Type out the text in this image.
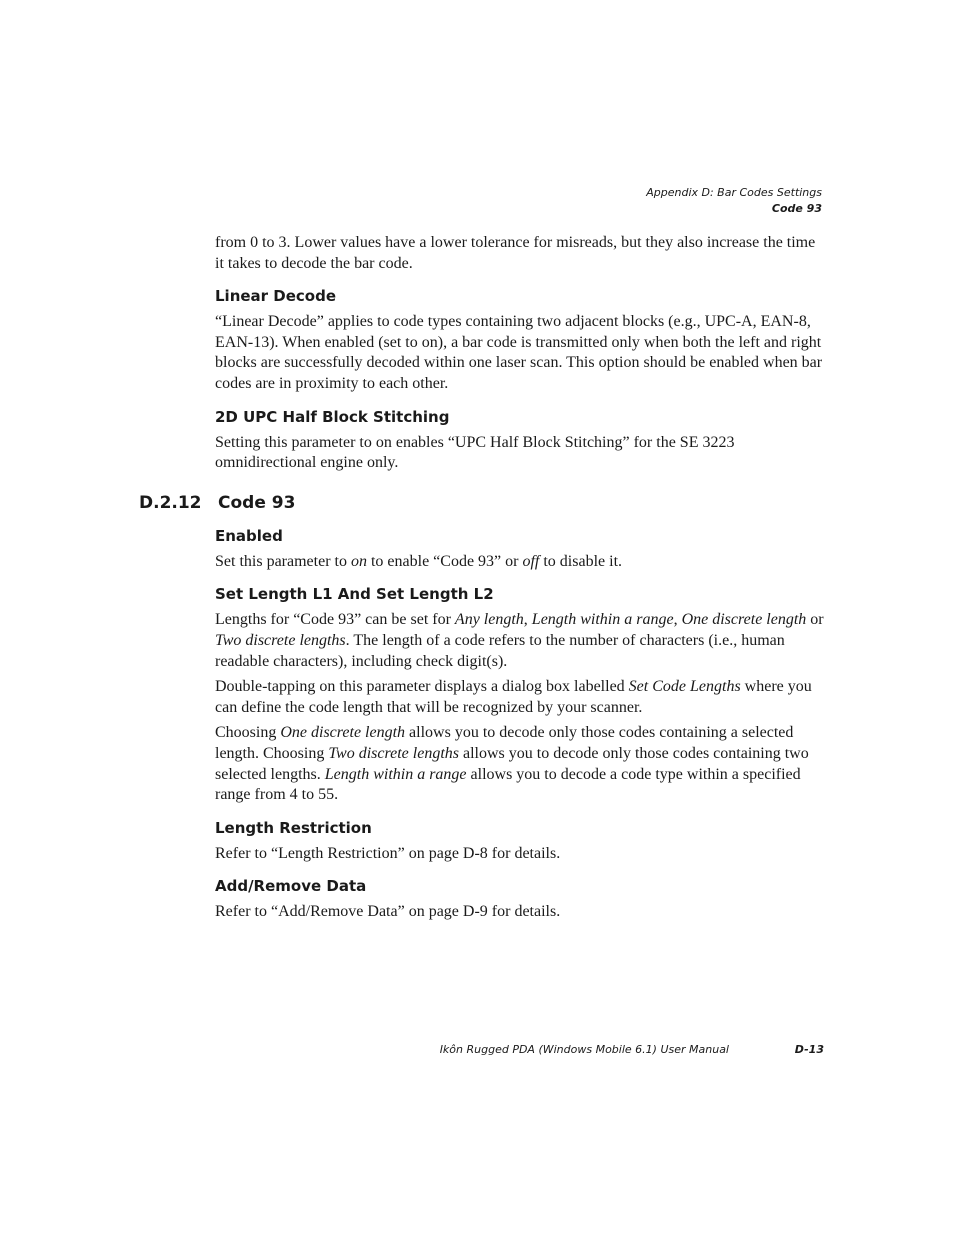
Appendix D: Bar Codes Settings
Code 93

from 0 to 3. Lower values have a lower tolerance for misreads, but they also increase the time it takes to decode the bar code.

Linear Decode

“Linear Decode” applies to code types containing two adjacent blocks (e.g., UPC-A, EAN-8, EAN-13). When enabled (set to on), a bar code is transmitted only when both the left and right blocks are successfully decoded within one laser scan. This option should be enabled when bar codes are in proximity to each other.

2D UPC Half Block Stitching

Setting this parameter to on enables “UPC Half Block Stitching” for the SE 3223 omnidirectional engine only.

D.2.12 Code 93
Enabled

Set this parameter to on to enable “Code 93” or off to disable it.

Set Length L1 And Set Length L2

Lengths for “Code 93” can be set for Any length, Length within a range, One discrete length or Two discrete lengths. The length of a code refers to the number of characters (i.e., human readable characters), including check digit(s).

Double-tapping on this parameter displays a dialog box labelled Set Code Lengths where you can define the code length that will be recognized by your scanner.

Choosing One discrete length allows you to decode only those codes containing a selected length. Choosing Two discrete lengths allows you to decode only those codes containing two selected lengths. Length within a range allows you to decode a code type within a specified range from 4 to 55.

Length Restriction

Refer to “Length Restriction” on page D-8 for details.

Add/Remove Data

Refer to “Add/Remove Data” on page D-9 for details.

Ikôn Rugged PDA (Windows Mobile 6.1) User Manual	D-13
